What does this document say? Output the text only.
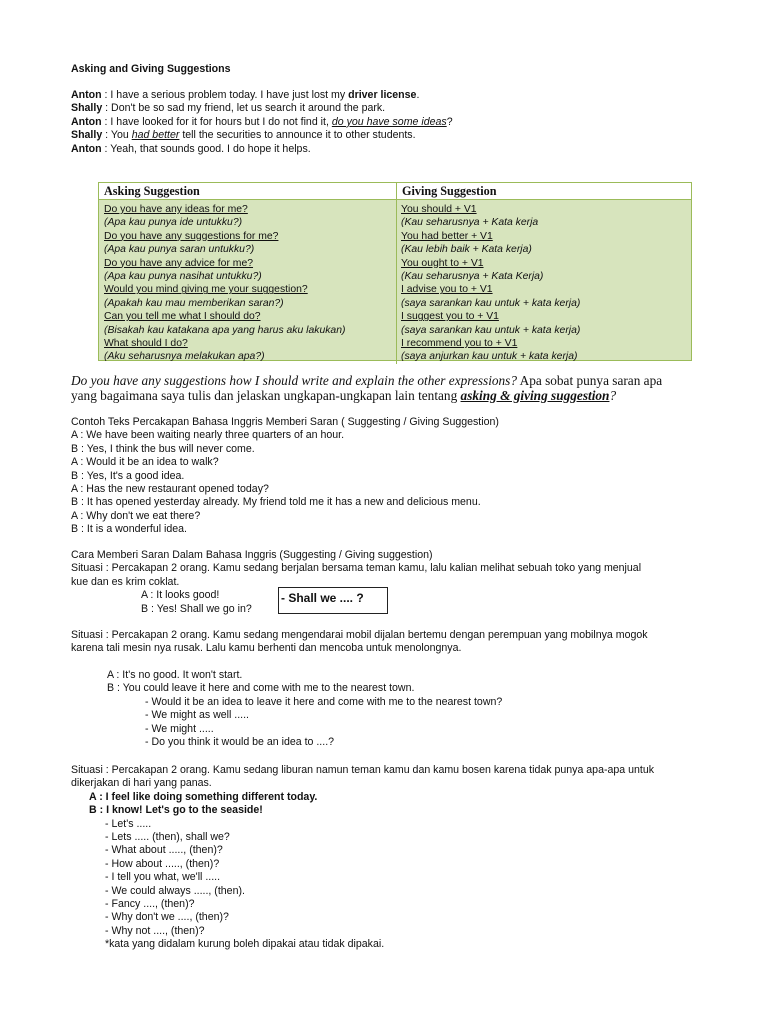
Asking and Giving Suggestions
Anton : I have a serious problem today. I have just lost my driver license.
Shally : Don't be so sad my friend, let us search it around the park.
Anton : I have looked for it for hours but I do not find it, do you have some ideas?
Shally : You had better tell the securities to announce it to other students.
Anton : Yeah, that sounds good. I do hope it helps.
Asking Suggestion	Giving Suggestion
Do you have any ideas for me?
(Apa kau punya ide untukku?)
Do you have any suggestions for me?
(Apa kau punya saran untukku?)
Do you have any advice for me?
(Apa kau punya nasihat untukku?)
Would you mind giving me your suggestion?
(Apakah kau mau memberikan saran?)
Can you tell me what I should do?
(Bisakah kau katakana apa yang harus aku lakukan)
What should I do?
(Aku seharusnya melakukan apa?)
You should + V1
(Kau seharusnya + Kata kerja
You had better + V1
(Kau lebih baik + Kata kerja)
You ought to + V1
(Kau seharusnya + Kata Kerja)
I advise you to + V1
(saya sarankan kau untuk + kata kerja)
I suggest you to + V1
(saya sarankan kau untuk + kata kerja)
I recommend you to + V1
(saya anjurkan kau untuk + kata kerja)
Do you have any suggestions how I should write and explain the other expressions? Apa sobat punya saran apa
yang bagaimana saya tulis dan jelaskan ungkapan-ungkapan lain tentang asking & giving suggestion?
Contoh Teks Percakapan Bahasa Inggris Memberi Saran ( Suggesting / Giving Suggestion)
A : We have been waiting nearly three quarters of an hour.
B : Yes, I think the bus will never come.
A : Would it be an idea to walk?
B : Yes, It's a good idea.
A : Has the new restaurant opened today?
B : It has opened yesterday already. My friend told me it has a new and delicious menu.
A : Why don't we eat there?
B : It is a wonderful idea.
Cara Memberi Saran Dalam Bahasa Inggris (Suggesting / Giving suggestion)
Situasi : Percakapan 2 orang. Kamu sedang berjalan bersama teman kamu, lalu kalian melihat sebuah toko yang menjual
kue dan es krim coklat.
A : It looks good!
B : Yes! Shall we go in?
- Shall we .... ?
Situasi : Percakapan 2 orang. Kamu sedang mengendarai mobil dijalan bertemu dengan perempuan yang mobilnya mogok
karena tali mesin nya rusak. Lalu kamu berhenti dan mencoba untuk menolongnya.
A : It's no good. It won't start.
B : You could leave it here and come with me to the nearest town.
- Would it be an idea to leave it here and come with me to the nearest town?
- We might as well .....
- We might .....
- Do you think it would be an idea to ....?
Situasi : Percakapan 2 orang. Kamu sedang liburan namun teman kamu dan kamu bosen karena tidak punya apa-apa untuk
dikerjakan di hari yang panas.
A : I feel like doing something different today.
B : I know! Let's go to the seaside!
- Let's .....
- Lets ..... (then), shall we?
- What about ....., (then)?
- How about ....., (then)?
- I tell you what, we'll .....
- We could always ....., (then).
- Fancy ...., (then)?
- Why don't we ...., (then)?
- Why not ...., (then)?
*kata yang didalam kurung boleh dipakai atau tidak dipakai.
